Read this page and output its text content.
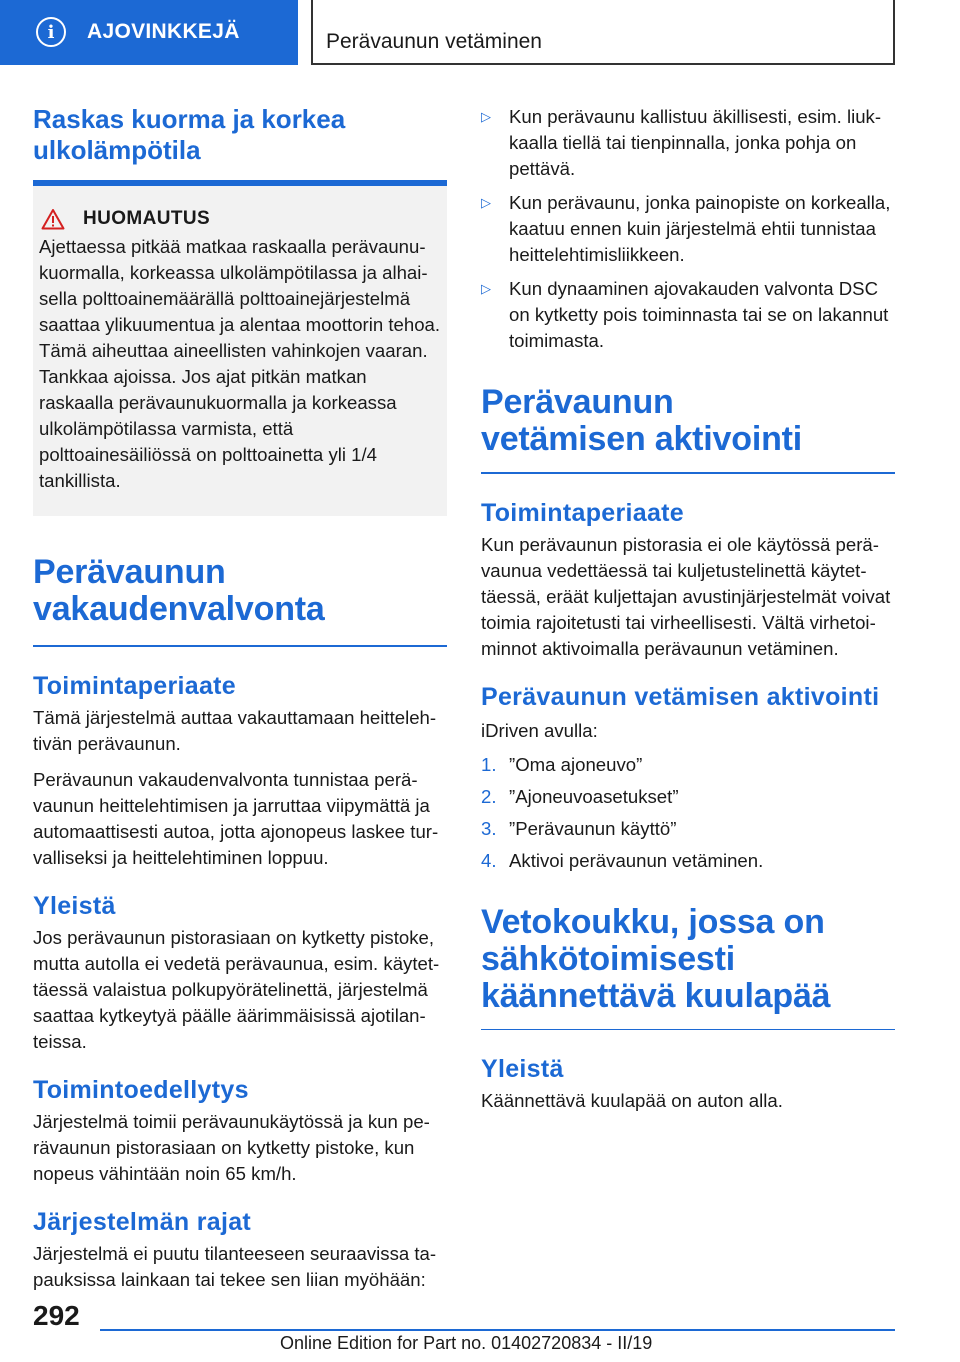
i	AJOVINKKEJÄ	Perävaunun vetäminen
Raskas kuorma ja korkea ulkolämpötila
HUOMAUTUS

Ajettaessa pitkää matkaa raskaalla perävaunukuormalla, korkeassa ulkolämpötilassa ja alhaisella polttoainemäärällä polttoainejärjestelmä saattaa ylikuumentua ja alentaa moottorin tehoa. Tämä aiheuttaa aineellisten vahinkojen vaaran. Tankkaa ajoissa. Jos ajat pitkän matkan raskaalla perävaunukuormalla ja korkeassa ulkolämpötilassa varmista, että polttoainesäiliössä on polttoainetta yli 1/4 tankillista.

Perävaunun vakaudenvalvonta
Toimintaperiaate

Tämä järjestelmä auttaa vakauttamaan heittelehtivän perävaunun.

Perävaunun vakaudenvalvonta tunnistaa perävaunun heittelehtimisen ja jarruttaa viipymättä ja automaattisesti autoa, jotta ajonopeus laskee turvalliseksi ja heittelehtiminen loppuu.

Yleistä

Jos perävaunun pistorasiaan on kytketty pistoke, mutta autolla ei vedetä perävaunua, esim. käytettäessä valaistua polkupyörätelinettä, järjestelmä saattaa kytkeytyä päälle äärimmäisissä ajotilanteissa.

Toimintoedellytys

Järjestelmä toimii perävaunukäytössä ja kun perävaunun pistorasiaan on kytketty pistoke, kun nopeus vähintään noin 65 km/h.

Järjestelmän rajat

Järjestelmä ei puutu tilanteeseen seuraavissa tapauksissa lainkaan tai tekee sen liian myöhään:

▷ Kun perävaunu kallistuu äkillisesti, esim. liukkaalla tiellä tai tienpinnalla, jonka pohja on pettävä.
▷ Kun perävaunu, jonka painopiste on korkealla, kaatuu ennen kuin järjestelmä ehtii tunnistaa heittelehtimisliikkeen.
▷ Kun dynaaminen ajovakauden valvonta DSC on kytketty pois toiminnasta tai se on lakannut toimimasta.
Perävaunun vetämisen aktivointi
Toimintaperiaate

Kun perävaunun pistorasia ei ole käytössä perävaunua vedettäessä tai kuljetustelinettä käytettäessä, eräät kuljettajan avustinjärjestelmät voivat toimia rajoitetusti tai virheellisesti. Vältä virhetoiminnot aktivoimalla perävaunun vetäminen.

Perävaunun vetämisen aktivointi

iDriven avulla:

1. ”Oma ajoneuvo”
2. ”Ajoneuvoasetukset”
3. ”Perävaunun käyttö”
4. Aktivoi perävaunun vetäminen.
Vetokoukku, jossa on sähkötoimisesti käännettävä kuulapää
Yleistä

Käännettävä kuulapää on auton alla.

292
Online Edition for Part no. 01402720834 - II/19
